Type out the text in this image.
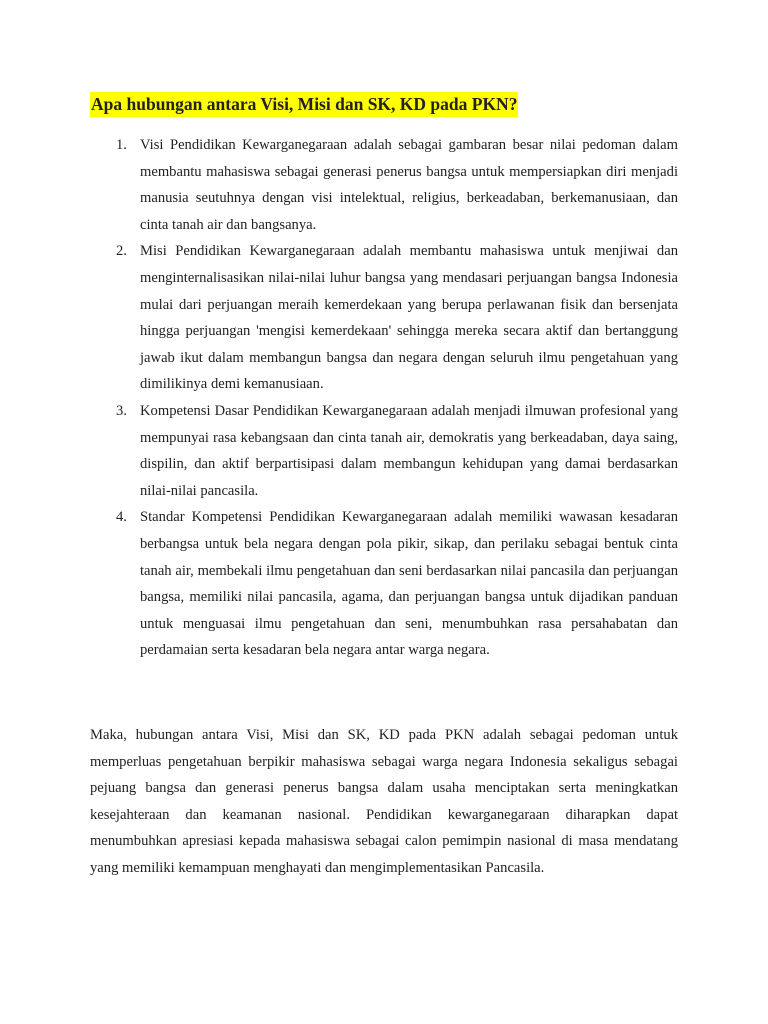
Apa hubungan antara Visi, Misi dan SK, KD pada PKN?
1. Visi Pendidikan Kewarganegaraan adalah sebagai gambaran besar nilai pedoman dalam membantu mahasiswa sebagai generasi penerus bangsa untuk mempersiapkan diri menjadi manusia seutuhnya dengan visi intelektual, religius, berkeadaban, berkemanusiaan, dan cinta tanah air dan bangsanya.
2. Misi Pendidikan Kewarganegaraan adalah membantu mahasiswa untuk menjiwai dan menginternalisasikan nilai-nilai luhur bangsa yang mendasari perjuangan bangsa Indonesia mulai dari perjuangan meraih kemerdekaan yang berupa perlawanan fisik dan bersenjata hingga perjuangan 'mengisi kemerdekaan' sehingga mereka secara aktif dan bertanggung jawab ikut dalam membangun bangsa dan negara dengan seluruh ilmu pengetahuan yang dimilikinya demi kemanusiaan.
3. Kompetensi Dasar Pendidikan Kewarganegaraan adalah menjadi ilmuwan profesional yang mempunyai rasa kebangsaan dan cinta tanah air, demokratis yang berkeadaban, daya saing, dispilin, dan aktif berpartisipasi dalam membangun kehidupan yang damai berdasarkan nilai-nilai pancasila.
4. Standar Kompetensi Pendidikan Kewarganegaraan adalah memiliki wawasan kesadaran berbangsa untuk bela negara dengan pola pikir, sikap, dan perilaku sebagai bentuk cinta tanah air, membekali ilmu pengetahuan dan seni berdasarkan nilai pancasila dan perjuangan bangsa, memiliki nilai pancasila, agama, dan perjuangan bangsa untuk dijadikan panduan untuk menguasai ilmu pengetahuan dan seni, menumbuhkan rasa persahabatan dan perdamaian serta kesadaran bela negara antar warga negara.

Maka, hubungan antara Visi, Misi dan SK, KD pada PKN adalah sebagai pedoman untuk memperluas pengetahuan berpikir mahasiswa sebagai warga negara Indonesia sekaligus sebagai pejuang bangsa dan generasi penerus bangsa dalam usaha menciptakan serta meningkatkan kesejahteraan dan keamanan nasional. Pendidikan kewarganegaraan diharapkan dapat menumbuhkan apresiasi kepada mahasiswa sebagai calon pemimpin nasional di masa mendatang yang memiliki kemampuan menghayati dan mengimplementasikan Pancasila.
